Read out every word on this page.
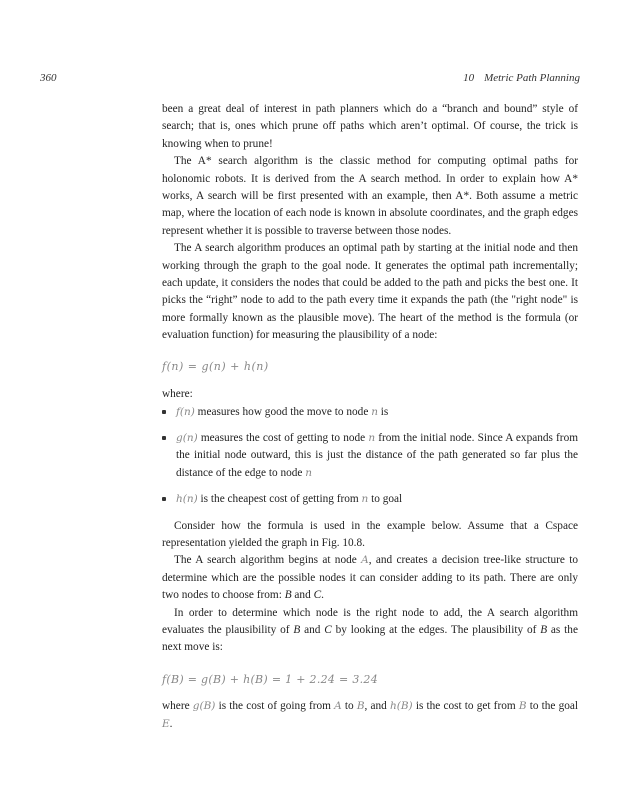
360	10 Metric Path Planning

been a great deal of interest in path planners which do a “branch and bound” style of search; that is, ones which prune off paths which aren’t optimal. Of course, the trick is knowing when to prune!

The A* search algorithm is the classic method for computing optimal paths for holonomic robots. It is derived from the A search method. In order to explain how A* works, A search will be first presented with an example, then A*. Both assume a metric map, where the location of each node is known in absolute coordinates, and the graph edges represent whether it is possible to traverse between those nodes.

The A search algorithm produces an optimal path by starting at the initial node and then working through the graph to the goal node. It generates the optimal path incrementally; each update, it considers the nodes that could be added to the path and picks the best one. It picks the “right” node to add to the path every time it expands the path (the "right node" is more formally known as the plausible move). The heart of the method is the formula (or evaluation function) for measuring the plausibility of a node:

f(n) = g(n) + h(n)

where:

f(n) measures how good the move to node n is
g(n) measures the cost of getting to node n from the initial node. Since A expands from the initial node outward, this is just the distance of the path generated so far plus the distance of the edge to node n
h(n) is the cheapest cost of getting from n to goal

Consider how the formula is used in the example below. Assume that a Cspace representation yielded the graph in Fig. 10.8.

The A search algorithm begins at node A, and creates a decision tree-like structure to determine which are the possible nodes it can consider adding to its path. There are only two nodes to choose from: B and C.

In order to determine which node is the right node to add, the A search algorithm evaluates the plausibility of B and C by looking at the edges. The plausibility of B as the next move is:

f(B) = g(B) + h(B) = 1 + 2.24 = 3.24

where g(B) is the cost of going from A to B, and h(B) is the cost to get from B to the goal E.
